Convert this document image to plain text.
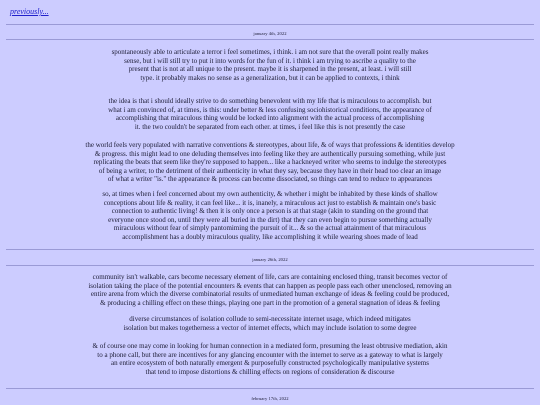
previously...
january 4th, 2022
spontaneously able to articulate a terror i feel sometimes, i think. i am not sure that the overall point really makes
sense, but i will still try to put it into words for the fun of it. i think i am trying to ascribe a quality to the
present that is not at all unique to the present. maybe it is sharpened in the present, at least. i will still
type. it probably makes no sense as a generalization, but it can be applied to contexts, i think
the idea is that i should ideally strive to do something benevolent with my life that is miraculous to accomplish. but
what i am convinced of, at times, is this: under better & less confusing sociohistorical conditions, the appearance of
accomplishing that miraculous thing would be locked into alignment with the actual process of accomplishing
it. the two couldn't be separated from each other. at times, i feel like this is not presently the case
the world feels very populated with narrative conventions & stereotypes, about life, & of ways that professions & identities develop
& progress. this might lead to one deluding themselves into feeling like they are authentically pursuing something, while just
replicating the beats that seem like they're supposed to happen... like a hackneyed writer who seems to indulge the stereotypes
of being a writer, to the detriment of their authenticity in what they say, because they have in their head too clear an image
of what a writer "is." the appearance & process can become dissociated, so things can tend to reduce to appearances
so, at times when i feel concerned about my own authenticity, & whether i might be inhabited by these kinds of shallow
conceptions about life & reality, it can feel like... it is, inanely, a miraculous act just to establish & maintain one's basic
connection to authentic living! & then it is only once a person is at that stage (akin to standing on the ground that
everyone once stood on, until they were all buried in the dirt) that they can even begin to pursue something actually
miraculous without fear of simply pantomiming the pursuit of it... & so the actual attainment of that miraculous
accomplishment has a doubly miraculous quality, like accomplishing it while wearing shoes made of lead
january 26th, 2022
community isn't walkable, cars become necessary element of life, cars are containing enclosed thing, transit becomes vector of
isolation taking the place of the potential encounters & events that can happen as people pass each other unenclosed, removing an
entire arena from which the diverse combinatorial results of unmediated human exchange of ideas & feeling could be produced,
& producing a chilling effect on these things, playing one part in the promotion of a general stagnation of ideas & feeling
diverse circumstances of isolation collude to semi-necessitate internet usage, which indeed mitigates
isolation but makes togetherness a vector of internet effects, which may include isolation to some degree
& of course one may come in looking for human connection in a mediated form, presuming the least obtrusive mediation, akin
to a phone call, but there are incentives for any glancing encounter with the internet to serve as a gateway to what is largely
an entire ecosystem of both naturally emergent & purposefully constructed psychologically manipulative systems
that tend to impose distortions & chilling effects on regions of consideration & discourse
february 17th, 2022
